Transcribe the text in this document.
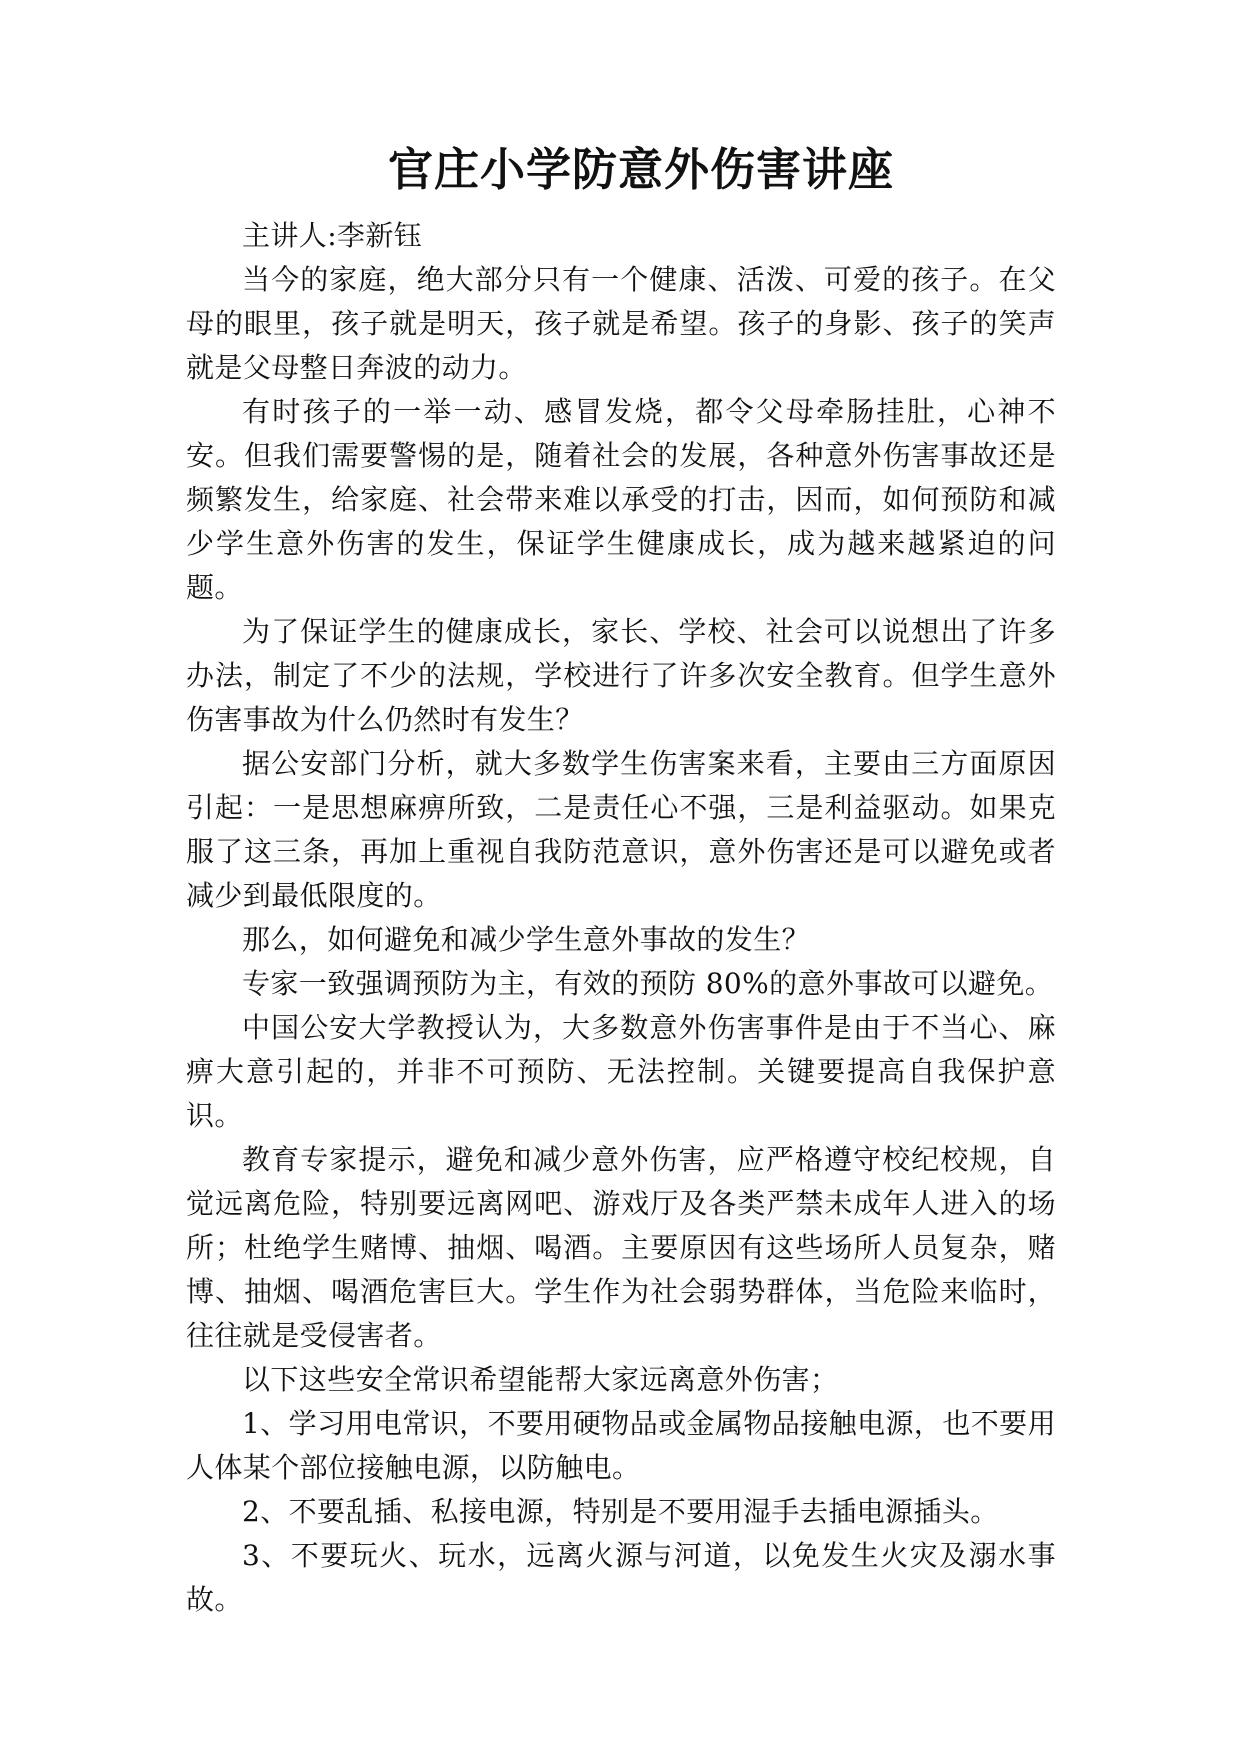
官庄小学防意外伤害讲座

主讲人:李新钰

当今的家庭，绝大部分只有一个健康、活泼、可爱的孩子。在父母的眼里，孩子就是明天，孩子就是希望。孩子的身影、孩子的笑声就是父母整日奔波的动力。

有时孩子的一举一动、感冒发烧，都令父母牵肠挂肚，心神不安。但我们需要警惕的是，随着社会的发展，各种意外伤害事故还是频繁发生，给家庭、社会带来难以承受的打击，因而，如何预防和减少学生意外伤害的发生，保证学生健康成长，成为越来越紧迫的问题。

为了保证学生的健康成长，家长、学校、社会可以说想出了许多办法，制定了不少的法规，学校进行了许多次安全教育。但学生意外伤害事故为什么仍然时有发生？

据公安部门分析，就大多数学生伤害案来看，主要由三方面原因引起：一是思想麻痹所致，二是责任心不强，三是利益驱动。如果克服了这三条，再加上重视自我防范意识，意外伤害还是可以避免或者减少到最低限度的。

那么，如何避免和减少学生意外事故的发生？

专家一致强调预防为主，有效的预防 80%的意外事故可以避免。

中国公安大学教授认为，大多数意外伤害事件是由于不当心、麻痹大意引起的，并非不可预防、无法控制。关键要提高自我保护意识。

教育专家提示，避免和减少意外伤害，应严格遵守校纪校规，自觉远离危险，特别要远离网吧、游戏厅及各类严禁未成年人进入的场所；杜绝学生赌博、抽烟、喝酒。主要原因有这些场所人员复杂，赌博、抽烟、喝酒危害巨大。学生作为社会弱势群体，当危险来临时，往往就是受侵害者。

以下这些安全常识希望能帮大家远离意外伤害；

1、学习用电常识，不要用硬物品或金属物品接触电源，也不要用人体某个部位接触电源，以防触电。

2、不要乱插、私接电源，特别是不要用湿手去插电源插头。

3、不要玩火、玩水，远离火源与河道，以免发生火灾及溺水事故。
